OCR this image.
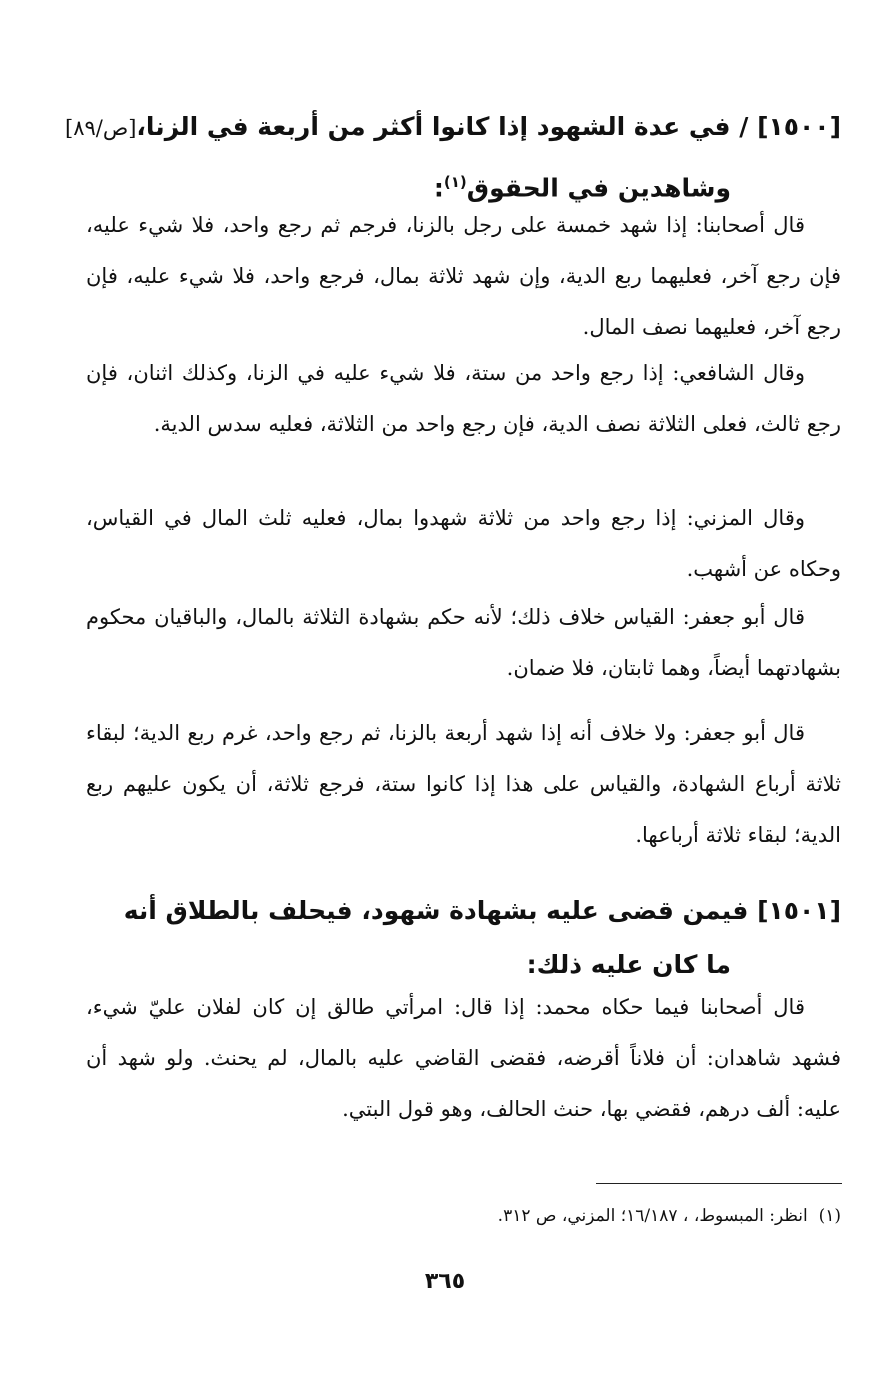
[١٥٠٠] / في عدة الشهود إذا كانوا أكثر من أربعة في الزنا،[ص/٨٩]
وشاهدين في الحقوق$^{(١)}$:

قال أصحابنا: إذا شهد خمسة على رجل بالزنا، فرجم ثم رجع واحد، فلا شيء عليه، فإن رجع آخر، فعليهما ربع الدية، وإن شهد ثلاثة بمال، فرجع واحد، فلا شيء عليه، فإن رجع آخر، فعليهما نصف المال.

وقال الشافعي: إذا رجع واحد من ستة، فلا شيء عليه في الزنا، وكذلك اثنان، فإن رجع ثالث، فعلى الثلاثة نصف الدية، فإن رجع واحد من الثلاثة، فعليه سدس الدية.

وقال المزني: إذا رجع واحد من ثلاثة شهدوا بمال، فعليه ثلث المال في القياس، وحكاه عن أشهب.

قال أبو جعفر: القياس خلاف ذلك؛ لأنه حكم بشهادة الثلاثة بالمال، والباقيان محكوم بشهادتهما أيضاً، وهما ثابتان، فلا ضمان.

قال أبو جعفر: ولا خلاف أنه إذا شهد أربعة بالزنا، ثم رجع واحد، غرم ربع الدية؛ لبقاء ثلاثة أرباع الشهادة، والقياس على هذا إذا كانوا ستة، فرجع ثلاثة، أن يكون عليهم ربع الدية؛ لبقاء ثلاثة أرباعها.

[١٥٠١] فيمن قضى عليه بشهادة شهود، فيحلف بالطلاق أنه
ما كان عليه ذلك:

قال أصحابنا فيما حكاه محمد: إذا قال: امرأتي طالق إن كان لفلان عليّ شيء، فشهد شاهدان: أن فلاناً أقرضه، فقضى القاضي عليه بالمال، لم يحنث. ولو شهد أن عليه: ألف درهم، فقضي بها، حنث الحالف، وهو قول البتي.

(١)  انظر: المبسوط، ، ١٦/١٨٧؛ المزني، ص ٣١٢.
٣٦٥
